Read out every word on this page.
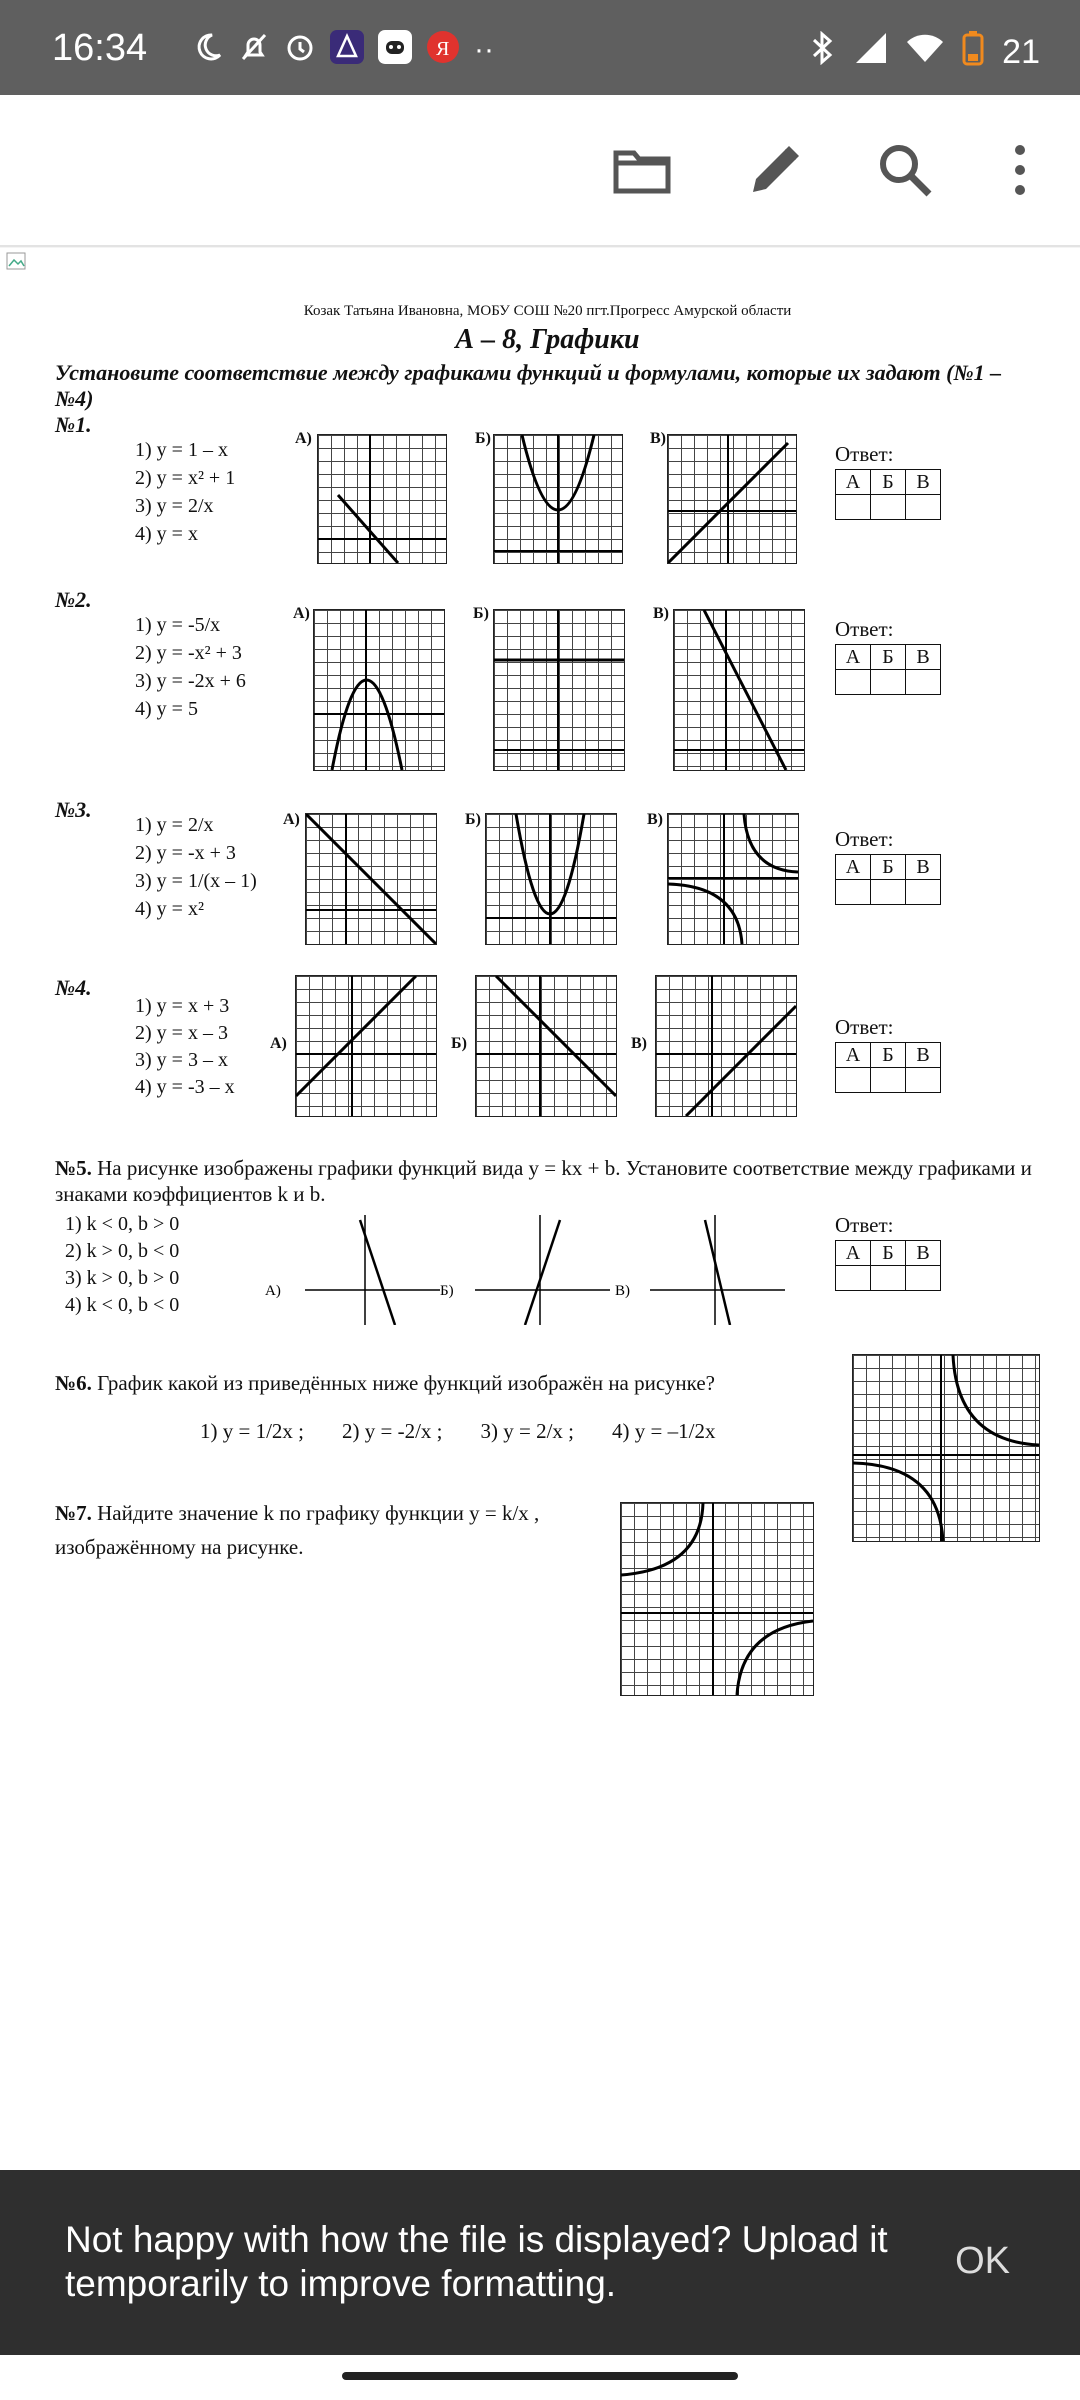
16:34	Я ··	21
Козак Татьяна Ивановна, МОБУ СОШ №20 пгт.Прогресс Амурской области
А – 8, Графики
Установите соответствие между графиками функций и формулами, которые их задают (№1 – №4)
№1.
1) y = 1 – x
2) y = x² + 1
3) y = 2/x
4) y = x
А)	Б)	В)
Ответ:
А	Б	В

№2.
1) y = -5/x
2) y = -x² + 3
3) y = -2x + 6
4) y = 5
А)	Б)	В)
Ответ:
А	Б	В

№3.
1) y = 2/x
2) y = -x + 3
3) y = 1/(x – 1)
4) y = x²
А)	Б)	В)
Ответ:
А	Б	В

№4.
1) y = x + 3
2) y = x – 3
3) y = 3 – x
4) y = -3 – x
А)	Б)	В)
Ответ:
А	Б	В

№5. На рисунке изображены графики функций вида y = kx + b. Установите соответствие между графиками и знаками коэффициентов k и b.
1) k < 0, b > 0
2) k > 0, b < 0
3) k > 0, b > 0
4) k < 0, b < 0
А)	Б)	В)
Ответ:
А	Б	В

№6. График какой из приведённых ниже функций изображён на рисунке?
1) y = 1/2x ; 2) y = -2/x ; 3) y = 2/x ; 4) y = –1/2x
№7. Найдите значение k по графику функции y = k/x ,
изображённому на рисунке.
Not happy with how the file is displayed? Upload it temporarily to improve formatting.
OK
